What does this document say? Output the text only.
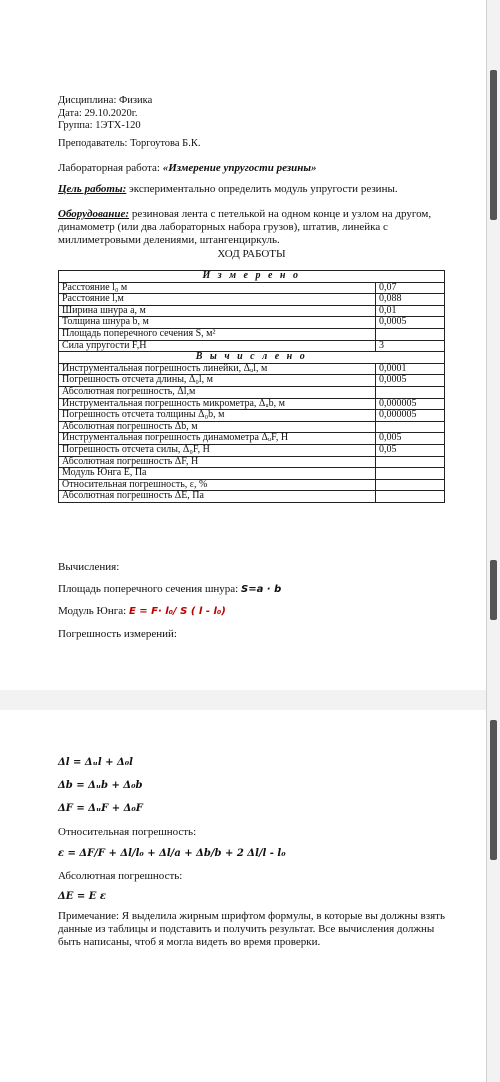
Дисциплина: Физика
Дата: 29.10.2020г.
Группа: 1ЭТХ-120
Преподаватель: Торгоутова Б.К.
Лабораторная работа: «Измерение упругости резины»
Цель работы: экспериментально определить модуль упругости резины.
Оборудование: резиновая лента с петелькой на одном конце и узлом на другом, динамометр (или два лабораторных набора грузов), штатив, линейка с миллиметровыми делениями, штангенциркуль.
ХОД РАБОТЫ
И з м е р е н о	
Расстояние l₀ м	0,07
Расстояние l,м	0,088
Ширина шнура а, м	0,01
Толщина шнура b, м	0,0005
Площадь поперечного сечения S, м²	
Сила упругости F,Н	3
В ы ч и с л е н о	
Инструментальная погрешность линейки, Δᵤl, м	0,0001
Погрешность отсчета длины, Δ₀l, м	0,0005
Абсолютная погрешность, Δl,м	
Инструментальная погрешность микрометра, Δᵤb, м	0,000005
Погрешность отсчета толщины Δ₀b, м	0,000005
Абсолютная погрешность Δb, м	
Инструментальная погрешность динамометра ΔᵤF, Н	0,005
Погрешность отсчета силы, Δ₀F, Н	0,05
Абсолютная погрешность ΔF, Н	
Модуль Юнга Е, Па	
Относительная погрешность, ε, %	
Абсолютная погрешность ΔЕ, Па	
Вычисления:
Площадь поперечного сечения шнура: S=a · b
Модуль Юнга: E = F· l₀/ S ( l - l₀)
Погрешность измерений:
Δl = Δᵤl + Δ₀l
Δb = Δᵤb + Δ₀b
ΔF = ΔᵤF + Δ₀F
Относительная погрешность:
ε = ΔF/F + Δl/l₀ + Δl/a + Δb/b + 2 Δl/l - l₀
Абсолютная погрешность:
ΔE = E ε
Примечание: Я выделила жирным шрифтом формулы, в которые вы должны взять данные из таблицы и подставить и получить результат. Все вычисления должны быть написаны, чтоб я могла видеть во время проверки.
